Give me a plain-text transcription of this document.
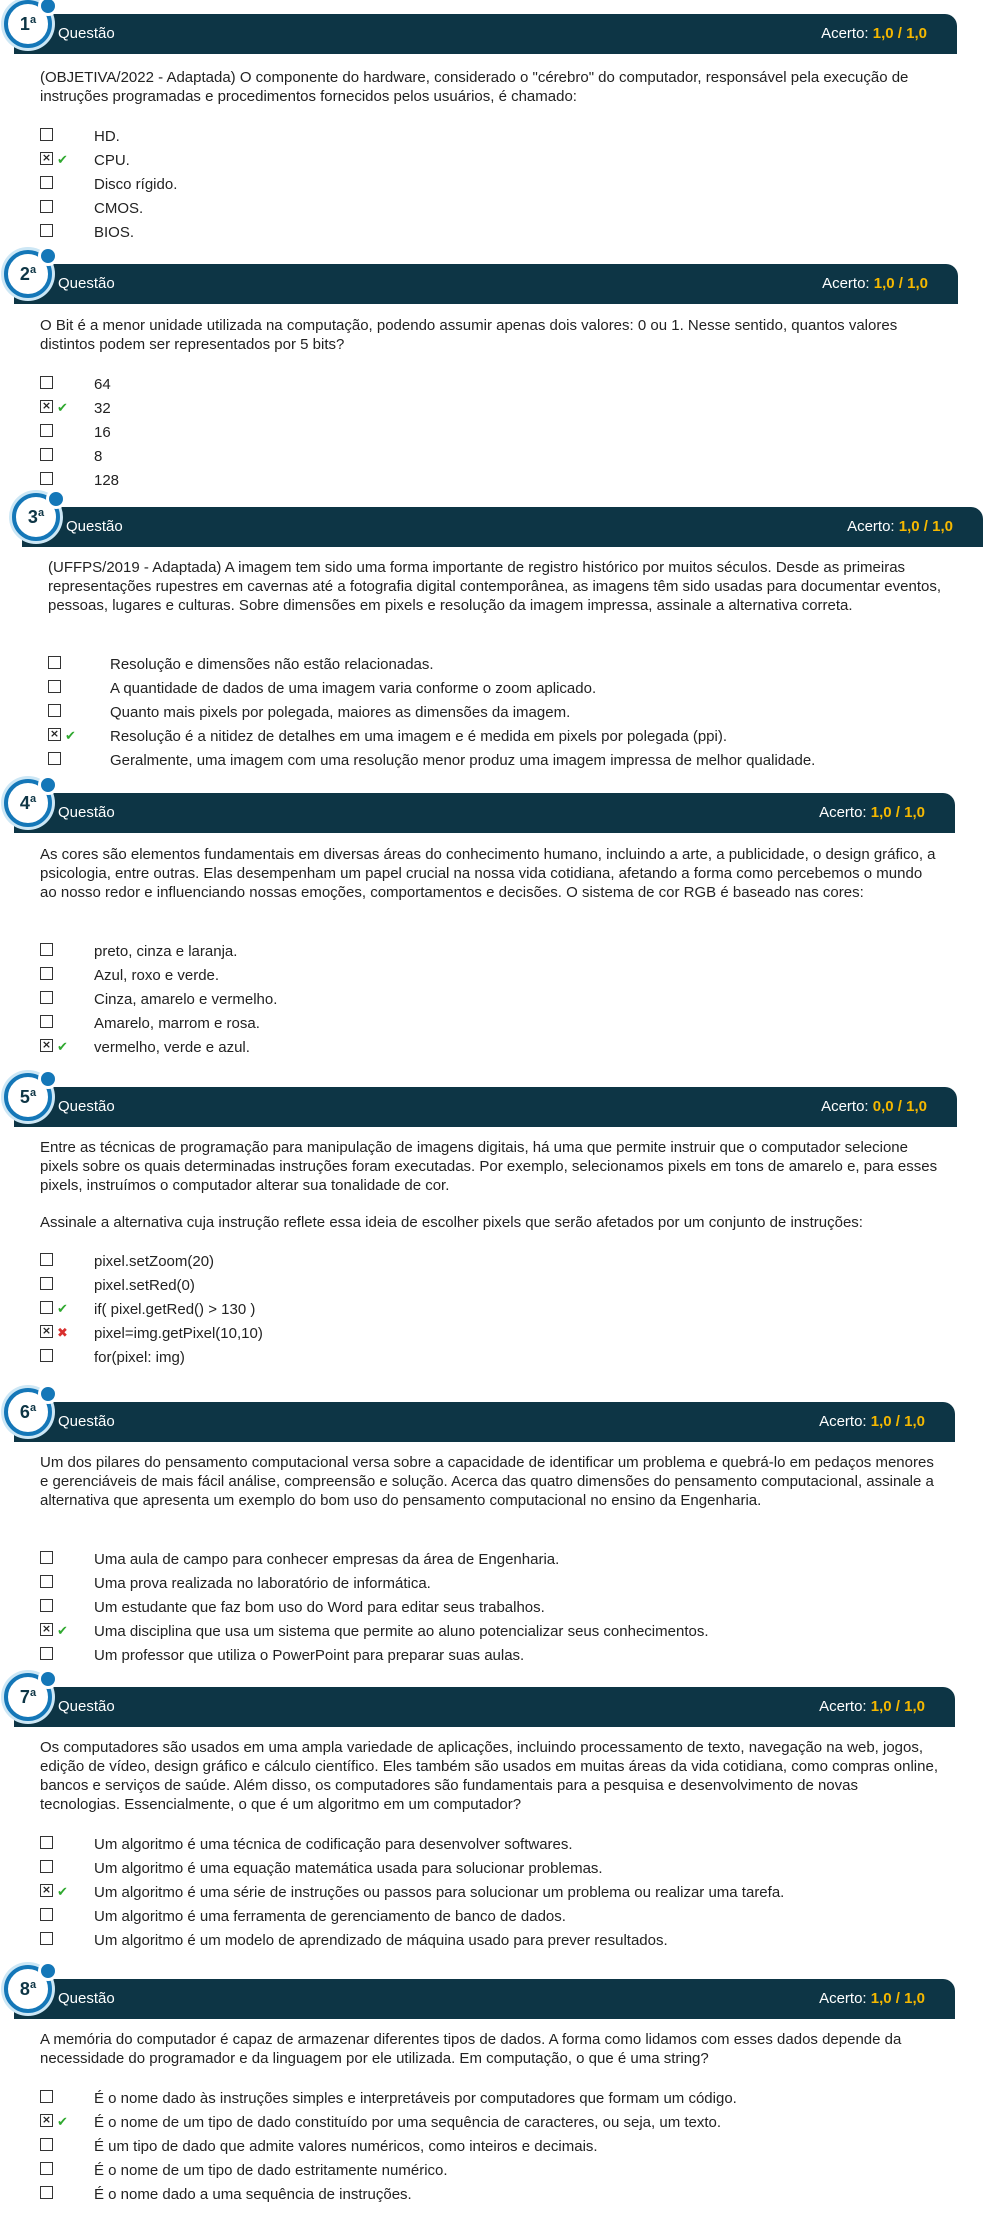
Questão	Acerto: 1,0 / 1,0
1$^a$

(OBJETIVA/2022 - Adaptada) O componente do hardware, considerado o "cérebro" do computador, responsável pela execução de instruções programadas e procedimentos fornecidos pelos usuários, é chamado:

HD.
× ✔ CPU.
Disco rígido.
CMOS.
BIOS.
Questão	Acerto: 1,0 / 1,0
2$^a$

O Bit é a menor unidade utilizada na computação, podendo assumir apenas dois valores: 0 ou 1. Nesse sentido, quantos valores distintos podem ser representados por 5 bits?

64
× ✔ 32
16
8
128
Questão	Acerto: 1,0 / 1,0
3$^a$

(UFFPS/2019 - Adaptada) A imagem tem sido uma forma importante de registro histórico por muitos séculos. Desde as primeiras representações rupestres em cavernas até a fotografia digital contemporânea, as imagens têm sido usadas para documentar eventos, pessoas, lugares e culturas. Sobre dimensões em pixels e resolução da imagem impressa, assinale a alternativa correta.

Resolução e dimensões não estão relacionadas.
A quantidade de dados de uma imagem varia conforme o zoom aplicado.
Quanto mais pixels por polegada, maiores as dimensões da imagem.
× ✔ Resolução é a nitidez de detalhes em uma imagem e é medida em pixels por polegada (ppi).
Geralmente, uma imagem com uma resolução menor produz uma imagem impressa de melhor qualidade.
Questão	Acerto: 1,0 / 1,0
4$^a$

As cores são elementos fundamentais em diversas áreas do conhecimento humano, incluindo a arte, a publicidade, o design gráfico, a psicologia, entre outras. Elas desempenham um papel crucial na nossa vida cotidiana, afetando a forma como percebemos o mundo ao nosso redor e influenciando nossas emoções, comportamentos e decisões. O sistema de cor RGB é baseado nas cores:

preto, cinza e laranja.
Azul, roxo e verde.
Cinza, amarelo e vermelho.
Amarelo, marrom e rosa.
× ✔ vermelho, verde e azul.
Questão	Acerto: 0,0 / 1,0
5$^a$

Entre as técnicas de programação para manipulação de imagens digitais, há uma que permite instruir que o computador selecione pixels sobre os quais determinadas instruções foram executadas. Por exemplo, selecionamos pixels em tons de amarelo e, para esses pixels, instruímos o computador alterar sua tonalidade de cor.

Assinale a alternativa cuja instrução reflete essa ideia de escolher pixels que serão afetados por um conjunto de instruções:

pixel.setZoom(20)
pixel.setRed(0)
✔ if( pixel.getRed() > 130 )
× ✖ pixel=img.getPixel(10,10)
for(pixel: img)
Questão	Acerto: 1,0 / 1,0
6$^a$

Um dos pilares do pensamento computacional versa sobre a capacidade de identificar um problema e quebrá-lo em pedaços menores e gerenciáveis de mais fácil análise, compreensão e solução. Acerca das quatro dimensões do pensamento computacional, assinale a alternativa que apresenta um exemplo do bom uso do pensamento computacional no ensino da Engenharia.

Uma aula de campo para conhecer empresas da área de Engenharia.
Uma prova realizada no laboratório de informática.
Um estudante que faz bom uso do Word para editar seus trabalhos.
× ✔ Uma disciplina que usa um sistema que permite ao aluno potencializar seus conhecimentos.
Um professor que utiliza o PowerPoint para preparar suas aulas.
Questão	Acerto: 1,0 / 1,0
7$^a$

Os computadores são usados em uma ampla variedade de aplicações, incluindo processamento de texto, navegação na web, jogos, edição de vídeo, design gráfico e cálculo científico. Eles também são usados em muitas áreas da vida cotidiana, como compras online, bancos e serviços de saúde. Além disso, os computadores são fundamentais para a pesquisa e desenvolvimento de novas tecnologias. Essencialmente, o que é um algoritmo em um computador?

Um algoritmo é uma técnica de codificação para desenvolver softwares.
Um algoritmo é uma equação matemática usada para solucionar problemas.
× ✔ Um algoritmo é uma série de instruções ou passos para solucionar um problema ou realizar uma tarefa.
Um algoritmo é uma ferramenta de gerenciamento de banco de dados.
Um algoritmo é um modelo de aprendizado de máquina usado para prever resultados.
Questão	Acerto: 1,0 / 1,0
8$^a$

A memória do computador é capaz de armazenar diferentes tipos de dados. A forma como lidamos com esses dados depende da necessidade do programador e da linguagem por ele utilizada. Em computação, o que é uma string?

É o nome dado às instruções simples e interpretáveis por computadores que formam um código.
× ✔ É o nome de um tipo de dado constituído por uma sequência de caracteres, ou seja, um texto.
É um tipo de dado que admite valores numéricos, como inteiros e decimais.
É o nome de um tipo de dado estritamente numérico.
É o nome dado a uma sequência de instruções.
